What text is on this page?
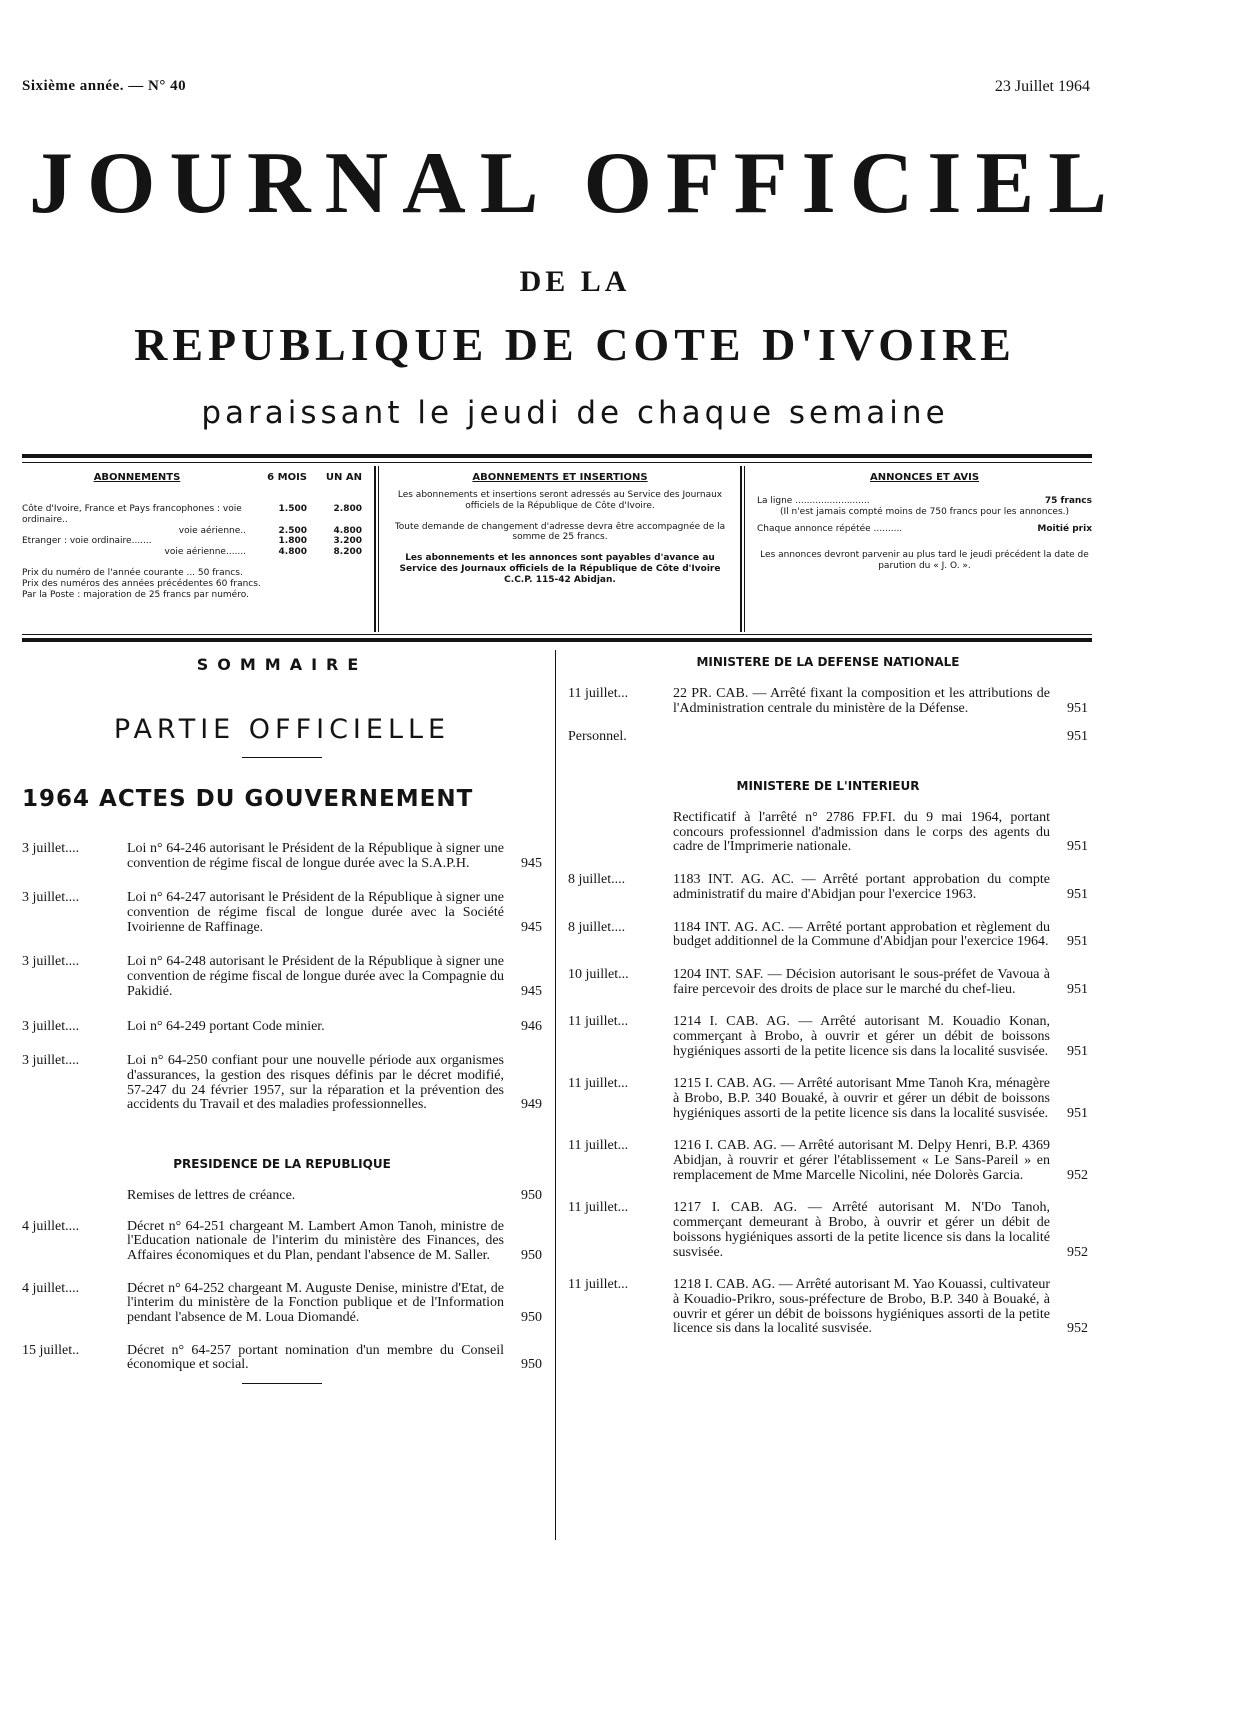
Sixième année. — N° 40	23 Juillet 1964
JOURNAL OFFICIEL
DE LA
REPUBLIQUE DE COTE D'IVOIRE
paraissant le jeudi de chaque semaine
ABONNEMENTS	6 MOIS	UN AN
Côte d'Ivoire, France et Pays francophones : voie ordinaire..
1.500	2.800
voie aérienne..	2.500	4.800
Etranger : voie ordinaire.......	1.800	3.200
voie aérienne.......	4.800	8.200
Prix du numéro de l'année courante ... 50 francs.
Prix des numéros des années précédentes 60 francs.
Par la Poste : majoration de 25 francs par numéro.
ABONNEMENTS ET INSERTIONS

Les abonnements et insertions seront adressés au Service des Journaux officiels de la République de Côte d'Ivoire.

Toute demande de changement d'adresse devra être accompagnée de la somme de 25 francs.

Les abonnements et les annonces sont payables d'avance au Service des Journaux officiels de la République de Côte d'Ivoire C.C.P. 115-42 Abidjan.

ANNONCES ET AVIS
La ligne ..........................	75 francs
(Il n'est jamais compté moins de 750 francs pour les annonces.)
Chaque annonce répétée ..........	Moitié prix
Les annonces devront parvenir au plus tard le jeudi précédent la date de parution du « J. O. ».
SOMMAIRE
PARTIE OFFICIELLE
1964 ACTES DU GOUVERNEMENT
3 juillet....	Loi n° 64-246 autorisant le Président de la République à signer une convention de régime fiscal de longue durée avec la S.A.P.H.	945
3 juillet....	Loi n° 64-247 autorisant le Président de la République à signer une convention de régime fiscal de longue durée avec la Société Ivoirienne de Raffinage.	945
3 juillet....	Loi n° 64-248 autorisant le Président de la République à signer une convention de régime fiscal de longue durée avec la Compagnie du Pakidié.	945
3 juillet....	Loi n° 64-249 portant Code minier.	946
3 juillet....	Loi n° 64-250 confiant pour une nouvelle période aux organismes d'assurances, la gestion des risques définis par le décret modifié, 57-247 du 24 février 1957, sur la réparation et la prévention des accidents du Travail et des maladies professionnelles.	949
PRESIDENCE DE LA REPUBLIQUE
Remises de lettres de créance.	950
4 juillet....	Décret n° 64-251 chargeant M. Lambert Amon Tanoh, ministre de l'Education nationale de l'interim du ministère des Finances, des Affaires économiques et du Plan, pendant l'absence de M. Saller.	950
4 juillet....	Décret n° 64-252 chargeant M. Auguste Denise, ministre d'Etat, de l'interim du ministère de la Fonction publique et de l'Information pendant l'absence de M. Loua Diomandé.	950
15 juillet..	Décret n° 64-257 portant nomination d'un membre du Conseil économique et social.	950
MINISTERE DE LA DEFENSE NATIONALE
11 juillet...	22 PR. CAB. — Arrêté fixant la composition et les attributions de l'Administration centrale du ministère de la Défense.	951
Personnel.	951
MINISTERE DE L'INTERIEUR
Rectificatif à l'arrêté n° 2786 FP.FI. du 9 mai 1964, portant concours professionnel d'admission dans le corps des agents du cadre de l'Imprimerie nationale.	951
8 juillet....	1183 INT. AG. AC. — Arrêté portant approbation du compte administratif du maire d'Abidjan pour l'exercice 1963.	951
8 juillet....	1184 INT. AG. AC. — Arrêté portant approbation et règlement du budget additionnel de la Commune d'Abidjan pour l'exercice 1964.	951
10 juillet...	1204 INT. SAF. — Décision autorisant le sous-préfet de Vavoua à faire percevoir des droits de place sur le marché du chef-lieu.	951
11 juillet...	1214 I. CAB. AG. — Arrêté autorisant M. Kouadio Konan, commerçant à Brobo, à ouvrir et gérer un débit de boissons hygiéniques assorti de la petite licence sis dans la localité susvisée.	951
11 juillet...	1215 I. CAB. AG. — Arrêté autorisant Mme Tanoh Kra, ménagère à Brobo, B.P. 340 Bouaké, à ouvrir et gérer un débit de boissons hygiéniques assorti de la petite licence sis dans la localité susvisée.	951
11 juillet...	1216 I. CAB. AG. — Arrêté autorisant M. Delpy Henri, B.P. 4369 Abidjan, à rouvrir et gérer l'établissement « Le Sans-Pareil » en remplacement de Mme Marcelle Nicolini, née Dolorès Garcia.	952
11 juillet...	1217 I. CAB. AG. — Arrêté autorisant M. N'Do Tanoh, commerçant demeurant à Brobo, à ouvrir et gérer un débit de boissons hygiéniques assorti de la petite licence sis dans la localité susvisée.	952
11 juillet...	1218 I. CAB. AG. — Arrêté autorisant M. Yao Kouassi, cultivateur à Kouadio-Prikro, sous-préfecture de Brobo, B.P. 340 à Bouaké, à ouvrir et gérer un débit de boissons hygiéniques assorti de la petite licence sis dans la localité susvisée.	952
